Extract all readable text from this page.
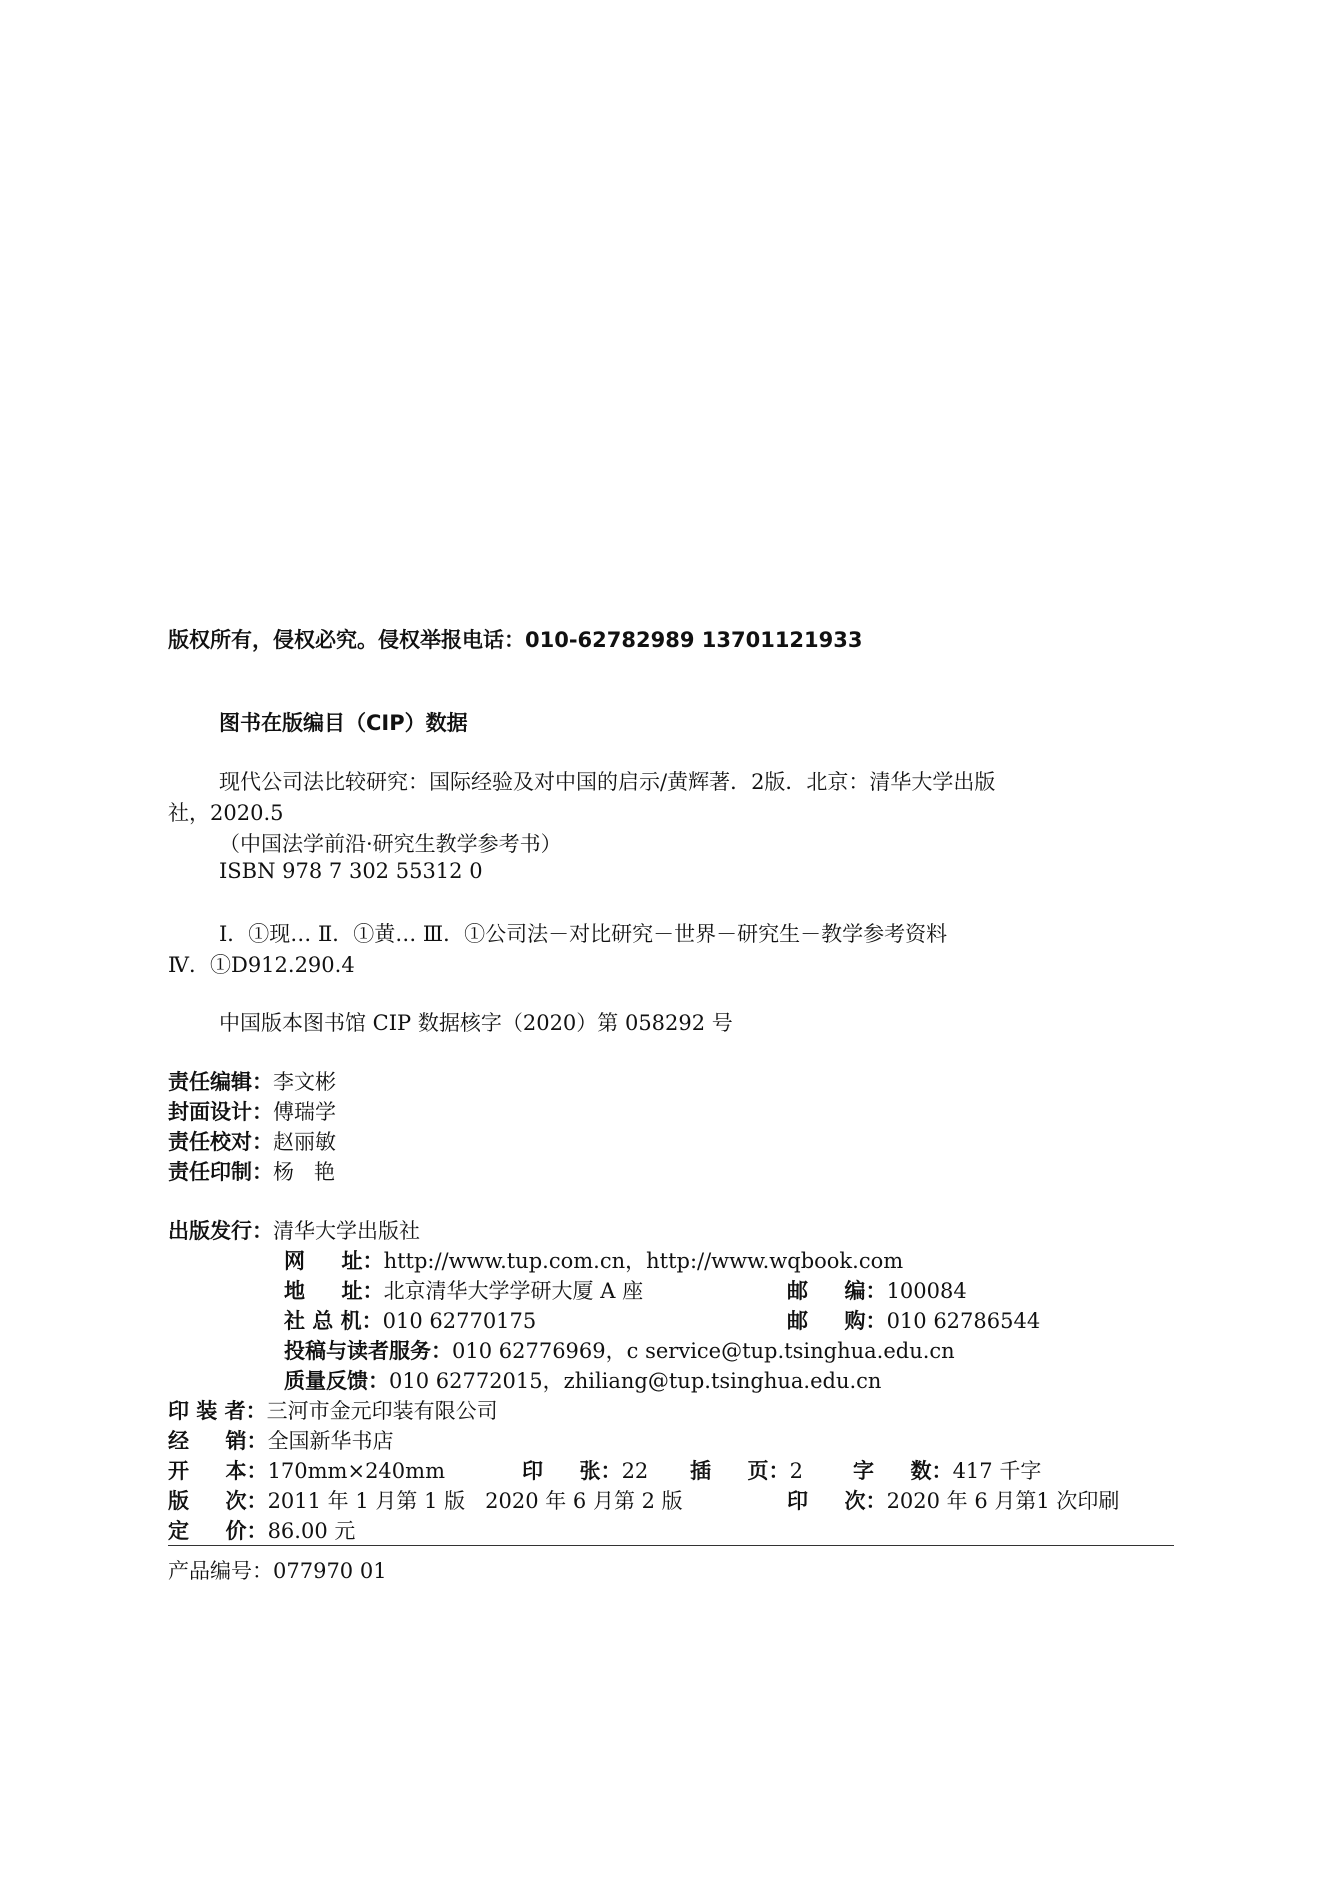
版权所有，侵权必究。侵权举报电话：010-62782989 13701121933
图书在版编目（CIP）数据
现代公司法比较研究：国际经验及对中国的启示/黄辉著．2版．北京：清华大学出版
社，2020.5
（中国法学前沿·研究生教学参考书）
ISBN 978 7 302 55312 0
Ⅰ．①现… Ⅱ．①黄… Ⅲ．①公司法－对比研究－世界－研究生－教学参考资料
Ⅳ．①D912.290.4
中国版本图书馆 CIP 数据核字（2020）第 058292 号
责任编辑：李文彬
封面设计：傅瑞学
责任校对：赵丽敏
责任印制：杨   艳
出版发行：清华大学出版社
网     址：http://www.tup.com.cn，http://www.wqbook.com
地     址：北京清华大学学研大厦 A 座	邮     编：100084
社 总 机：010 62770175	邮     购：010 62786544
投稿与读者服务：010 62776969，c service@tup.tsinghua.edu.cn
质量反馈：010 62772015，zhiliang@tup.tsinghua.edu.cn
印 装 者：三河市金元印装有限公司
经     销：全国新华书店
开     本：170mm×240mm	印     张：22 插     页：2 字     数：417 千字
版     次：2011 年 1 月第 1 版   2020 年 6 月第 2 版	印     次：2020 年 6 月第1 次印刷
定     价：86.00 元
产品编号：077970 01
